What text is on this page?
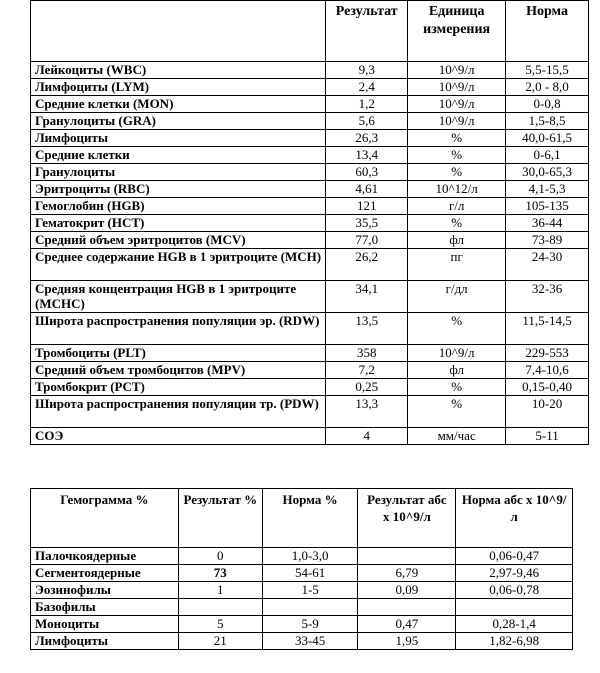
	Результат	Единица измерения	Норма
Лейкоциты (WBC)	9,3	10^9/л	5,5-15,5
Лимфоциты (LYM)	2,4	10^9/л	2,0 - 8,0
Средние клетки (MON)	1,2	10^9/л	0-0,8
Гранулоциты (GRA)	5,6	10^9/л	1,5-8,5
Лимфоциты	26,3	%	40,0-61,5
Средние клетки	13,4	%	0-6,1
Гранулоциты	60,3	%	30,0-65,3
Эритроциты (RBC)	4,61	10^12/л	4,1-5,3
Гемоглобин (HGB)	121	г/л	105-135
Гематокрит (HCT)	35,5	%	36-44
Средний объем эритроцитов (MCV)	77,0	фл	73-89
Среднее содержание HGB в 1 эритроците (MCH)	26,2	пг	24-30
Средняя концентрация HGB в 1 эритроците (MCHC)	34,1	г/дл	32-36
Широта распространения популяции эр. (RDW)	13,5	%	11,5-14,5
Тромбоциты (PLT)	358	10^9/л	229-553
Средний объем тромбоцитов (MPV)	7,2	фл	7,4-10,6
Тромбокрит (PCT)	0,25	%	0,15-0,40
Широта распространения популяции тр. (PDW)	13,3	%	10-20
СОЭ	4	мм/час	5-11
Гемограмма %	Результат %	Норма %	Результат абс х 10^9/л	Норма абс х 10^9/л
Палочкоядерные	0	1,0-3,0		0,06-0,47
Сегментоядерные	73	54-61	6,79	2,97-9,46
Эозинофилы	1	1-5	0,09	0,06-0,78
Базофилы				
Моноциты	5	5-9	0,47	0,28-1,4
Лимфоциты	21	33-45	1,95	1,82-6,98
